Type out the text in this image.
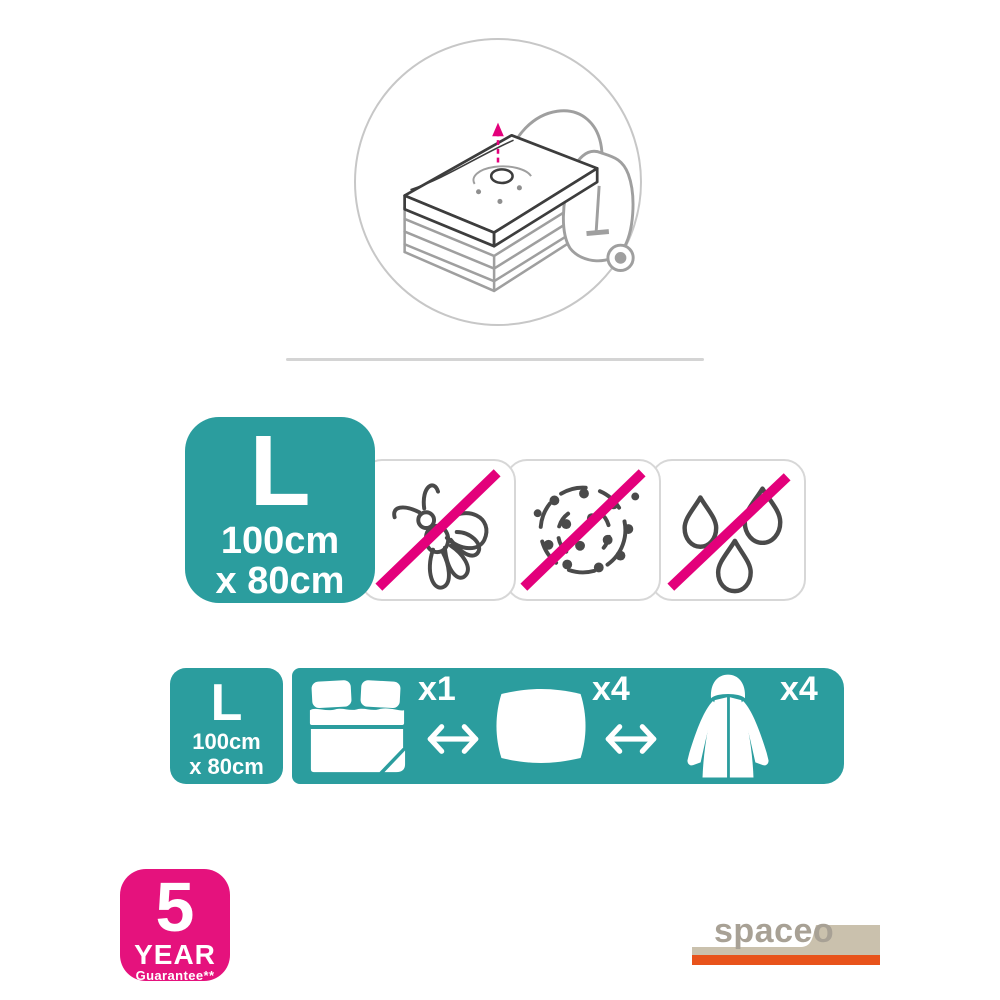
L
100cm
x 80cm
L
100cm
x 80cm
x1	x4	x4
5
YEAR
Guarantee**
spaceo
